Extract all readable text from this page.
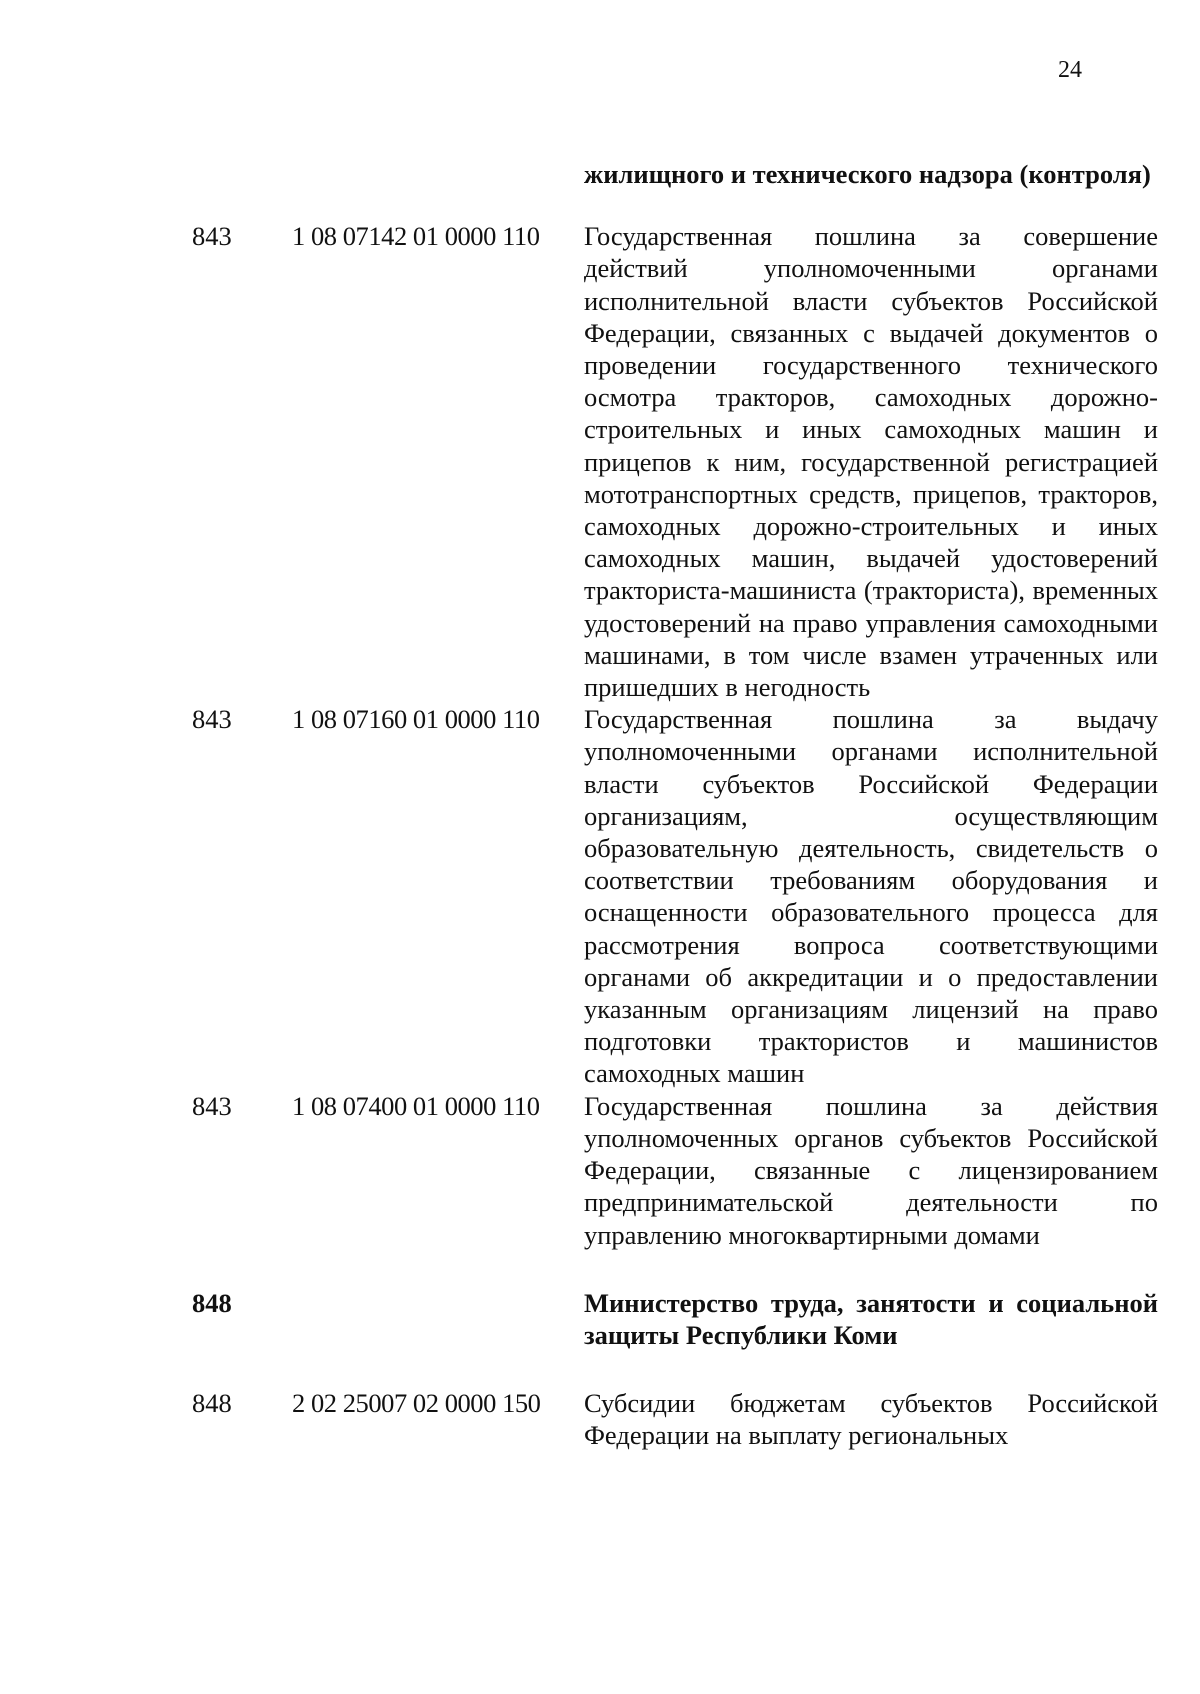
24
жилищного и технического надзора (контроля)
843 1 08 07142 01 0000 110 Государственная пошлина за совершение действий уполномоченными органами исполнительной власти субъектов Российской Федерации, связанных с выдачей документов о проведении государственного технического осмотра тракторов, самоходных дорожно-строительных и иных самоходных машин и прицепов к ним, государственной регистрацией мототранспортных средств, прицепов, тракторов, самоходных дорожно-строительных и иных самоходных машин, выдачей удостоверений тракториста-машиниста (тракториста), временных удостоверений на право управления самоходными машинами, в том числе взамен утраченных или пришедших в негодность
843 1 08 07160 01 0000 110 Государственная пошлина за выдачу уполномоченными органами исполнительной власти субъектов Российской Федерации организациям, осуществляющим образовательную деятельность, свидетельств о соответствии требованиям оборудования и оснащенности образовательного процесса для рассмотрения вопроса соответствующими органами об аккредитации и о предоставлении указанным организациям лицензий на право подготовки трактористов и машинистов самоходных машин
843 1 08 07400 01 0000 110 Государственная пошлина за действия уполномоченных органов субъектов Российской Федерации, связанные с лицензированием предпринимательской деятельности по управлению многоквартирными домами
848	Министерство труда, занятости и социальной защиты Республики Коми
848 2 02 25007 02 0000 150 Субсидии бюджетам субъектов Российской Федерации на выплату региональных
